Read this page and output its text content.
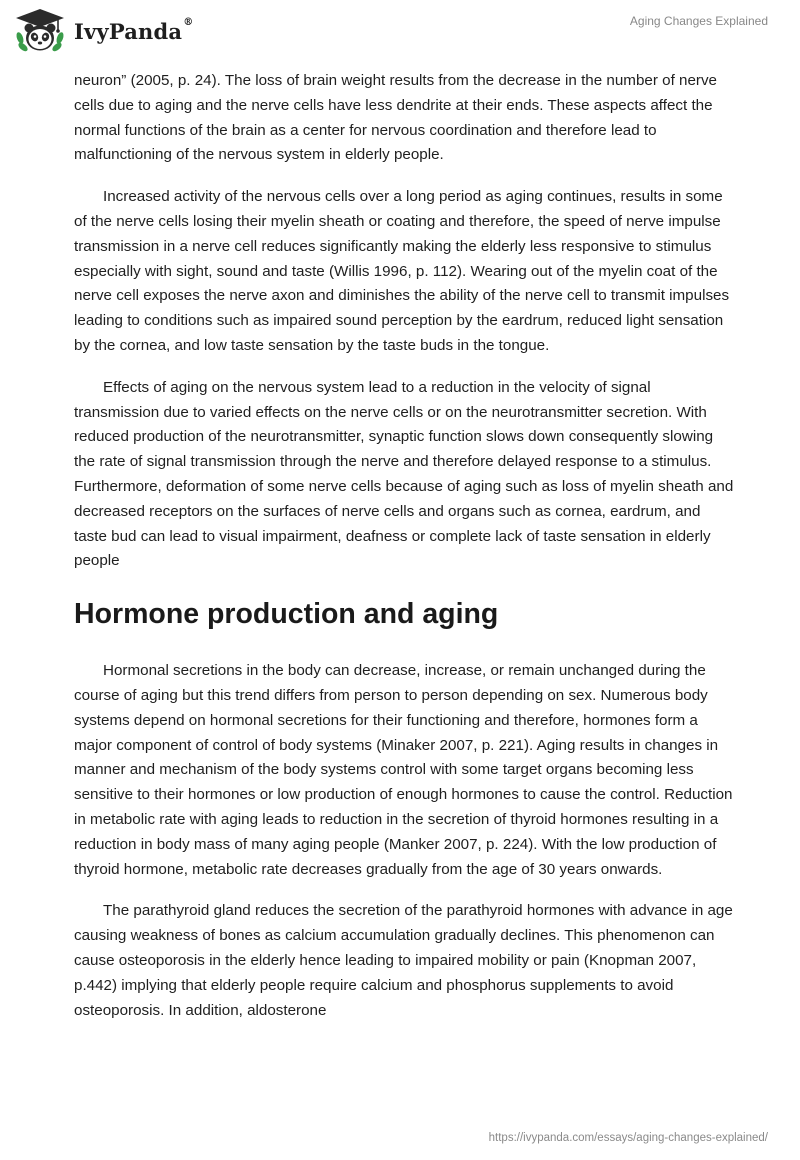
IvyPanda®	Aging Changes Explained

neuron” (2005, p. 24). The loss of brain weight results from the decrease in the number of nerve cells due to aging and the nerve cells have less dendrite at their ends. These aspects affect the normal functions of the brain as a center for nervous coordination and therefore lead to malfunctioning of the nervous system in elderly people.

Increased activity of the nervous cells over a long period as aging continues, results in some of the nerve cells losing their myelin sheath or coating and therefore, the speed of nerve impulse transmission in a nerve cell reduces significantly making the elderly less responsive to stimulus especially with sight, sound and taste (Willis 1996, p. 112). Wearing out of the myelin coat of the nerve cell exposes the nerve axon and diminishes the ability of the nerve cell to transmit impulses leading to conditions such as impaired sound perception by the eardrum, reduced light sensation by the cornea, and low taste sensation by the taste buds in the tongue.

Effects of aging on the nervous system lead to a reduction in the velocity of signal transmission due to varied effects on the nerve cells or on the neurotransmitter secretion. With reduced production of the neurotransmitter, synaptic function slows down consequently slowing the rate of signal transmission through the nerve and therefore delayed response to a stimulus. Furthermore, deformation of some nerve cells because of aging such as loss of myelin sheath and decreased receptors on the surfaces of nerve cells and organs such as cornea, eardrum, and taste bud can lead to visual impairment, deafness or complete lack of taste sensation in elderly people

Hormone production and aging

Hormonal secretions in the body can decrease, increase, or remain unchanged during the course of aging but this trend differs from person to person depending on sex. Numerous body systems depend on hormonal secretions for their functioning and therefore, hormones form a major component of control of body systems (Minaker 2007, p. 221). Aging results in changes in manner and mechanism of the body systems control with some target organs becoming less sensitive to their hormones or low production of enough hormones to cause the control. Reduction in metabolic rate with aging leads to reduction in the secretion of thyroid hormones resulting in a reduction in body mass of many aging people (Manker 2007, p. 224). With the low production of thyroid hormone, metabolic rate decreases gradually from the age of 30 years onwards.

The parathyroid gland reduces the secretion of the parathyroid hormones with advance in age causing weakness of bones as calcium accumulation gradually declines. This phenomenon can cause osteoporosis in the elderly hence leading to impaired mobility or pain (Knopman 2007, p.442) implying that elderly people require calcium and phosphorus supplements to avoid osteoporosis. In addition, aldosterone

https://ivypanda.com/essays/aging-changes-explained/
